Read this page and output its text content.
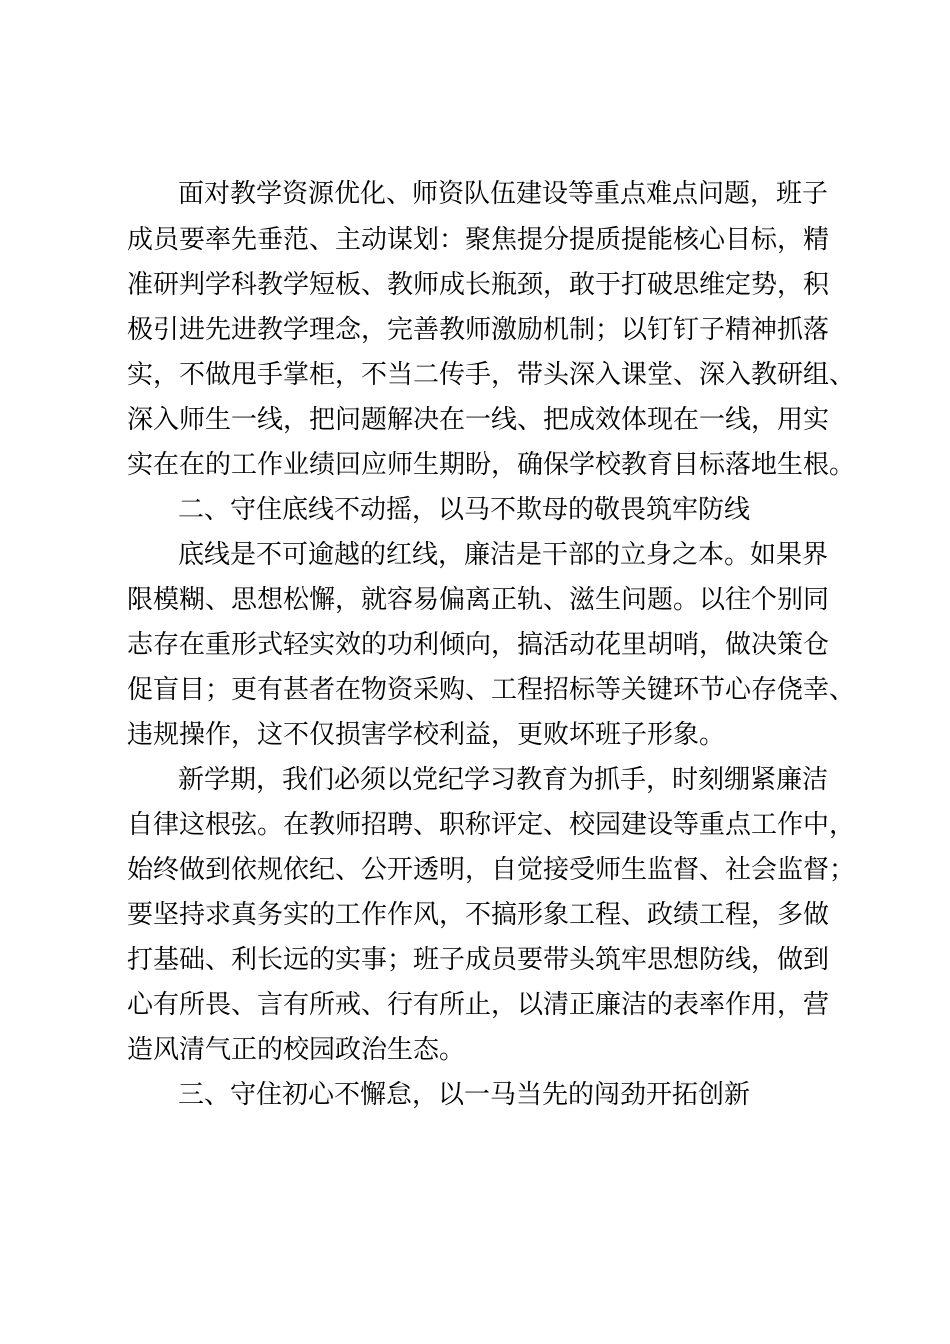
面对教学资源优化、师资队伍建设等重点难点问题，班子
成员要率先垂范、主动谋划：聚焦提分提质提能核心目标，精
准研判学科教学短板、教师成长瓶颈，敢于打破思维定势，积
极引进先进教学理念，完善教师激励机制；以钉钉子精神抓落
实，不做甩手掌柜，不当二传手，带头深入课堂、深入教研组、
深入师生一线，把问题解决在一线、把成效体现在一线，用实
实在在的工作业绩回应师生期盼，确保学校教育目标落地生根。
二、守住底线不动摇，以马不欺母的敬畏筑牢防线
底线是不可逾越的红线，廉洁是干部的立身之本。如果界
限模糊、思想松懈，就容易偏离正轨、滋生问题。以往个别同
志存在重形式轻实效的功利倾向，搞活动花里胡哨，做决策仓
促盲目；更有甚者在物资采购、工程招标等关键环节心存侥幸、
违规操作，这不仅损害学校利益，更败坏班子形象。
新学期，我们必须以党纪学习教育为抓手，时刻绷紧廉洁
自律这根弦。在教师招聘、职称评定、校园建设等重点工作中，
始终做到依规依纪、公开透明，自觉接受师生监督、社会监督；
要坚持求真务实的工作作风，不搞形象工程、政绩工程，多做
打基础、利长远的实事；班子成员要带头筑牢思想防线，做到
心有所畏、言有所戒、行有所止，以清正廉洁的表率作用，营
造风清气正的校园政治生态。
三、守住初心不懈怠，以一马当先的闯劲开拓创新
